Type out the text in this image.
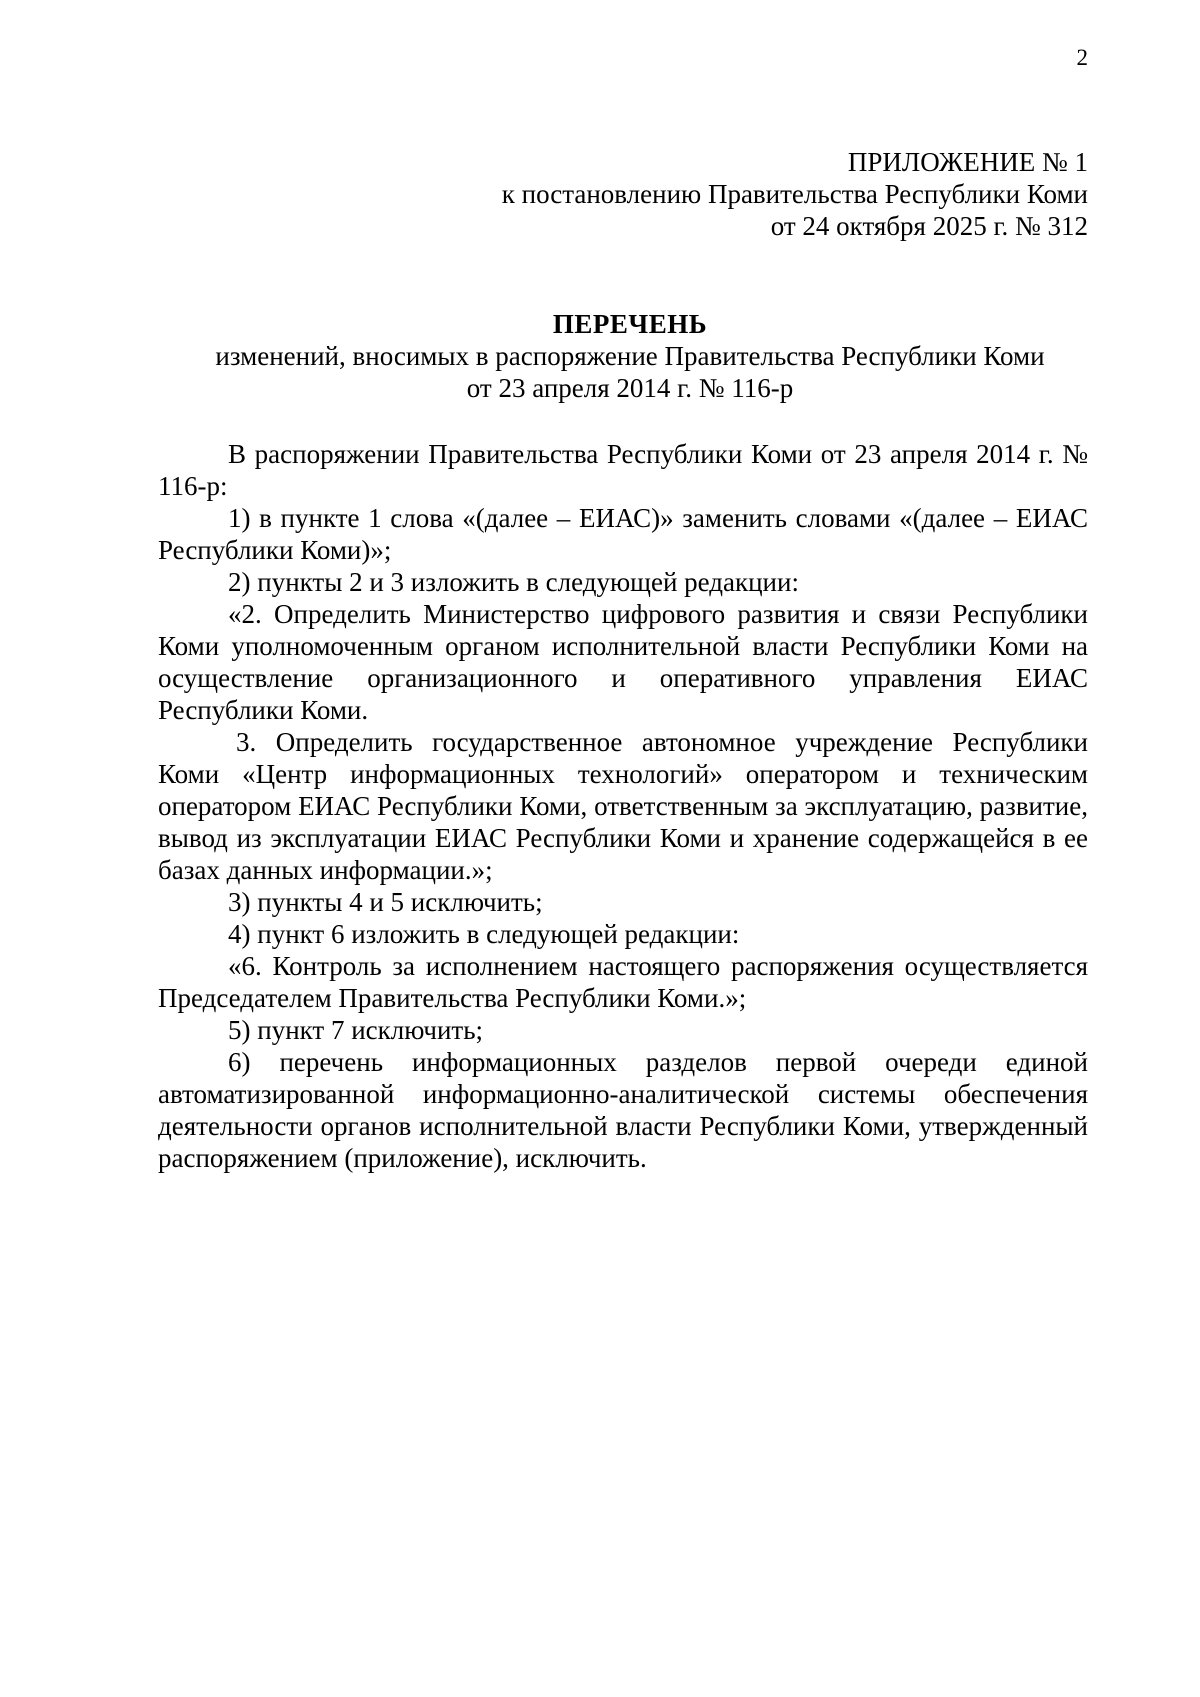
2
ПРИЛОЖЕНИЕ № 1
к постановлению Правительства Республики Коми
от 24 октября 2025 г. № 312
ПЕРЕЧЕНЬ
изменений, вносимых в распоряжение Правительства Республики Коми
от 23 апреля 2014 г. № 116-р

В распоряжении Правительства Республики Коми от 23 апреля 2014 г. № 116-р:

1) в пункте 1 слова «(далее – ЕИАС)» заменить словами «(далее – ЕИАС Республики Коми)»;

2) пункты 2 и 3 изложить в следующей редакции:

«2. Определить Министерство цифрового развития и связи Республики Коми уполномоченным органом исполнительной власти Республики Коми на осуществление организационного и оперативного управления ЕИАС Республики Коми.

3. Определить государственное автономное учреждение Республики Коми «Центр информационных технологий» оператором и техническим оператором ЕИАС Республики Коми, ответственным за эксплуатацию, развитие, вывод из эксплуатации ЕИАС Республики Коми и хранение содержащейся в ее базах данных информации.»;

3) пункты 4 и 5 исключить;

4) пункт 6 изложить в следующей редакции:

«6. Контроль за исполнением настоящего распоряжения осуществляется Председателем Правительства Республики Коми.»;

5) пункт 7 исключить;

6) перечень информационных разделов первой очереди единой автоматизированной информационно-аналитической системы обеспечения деятельности органов исполнительной власти Республики Коми, утвержденный распоряжением (приложение), исключить.
